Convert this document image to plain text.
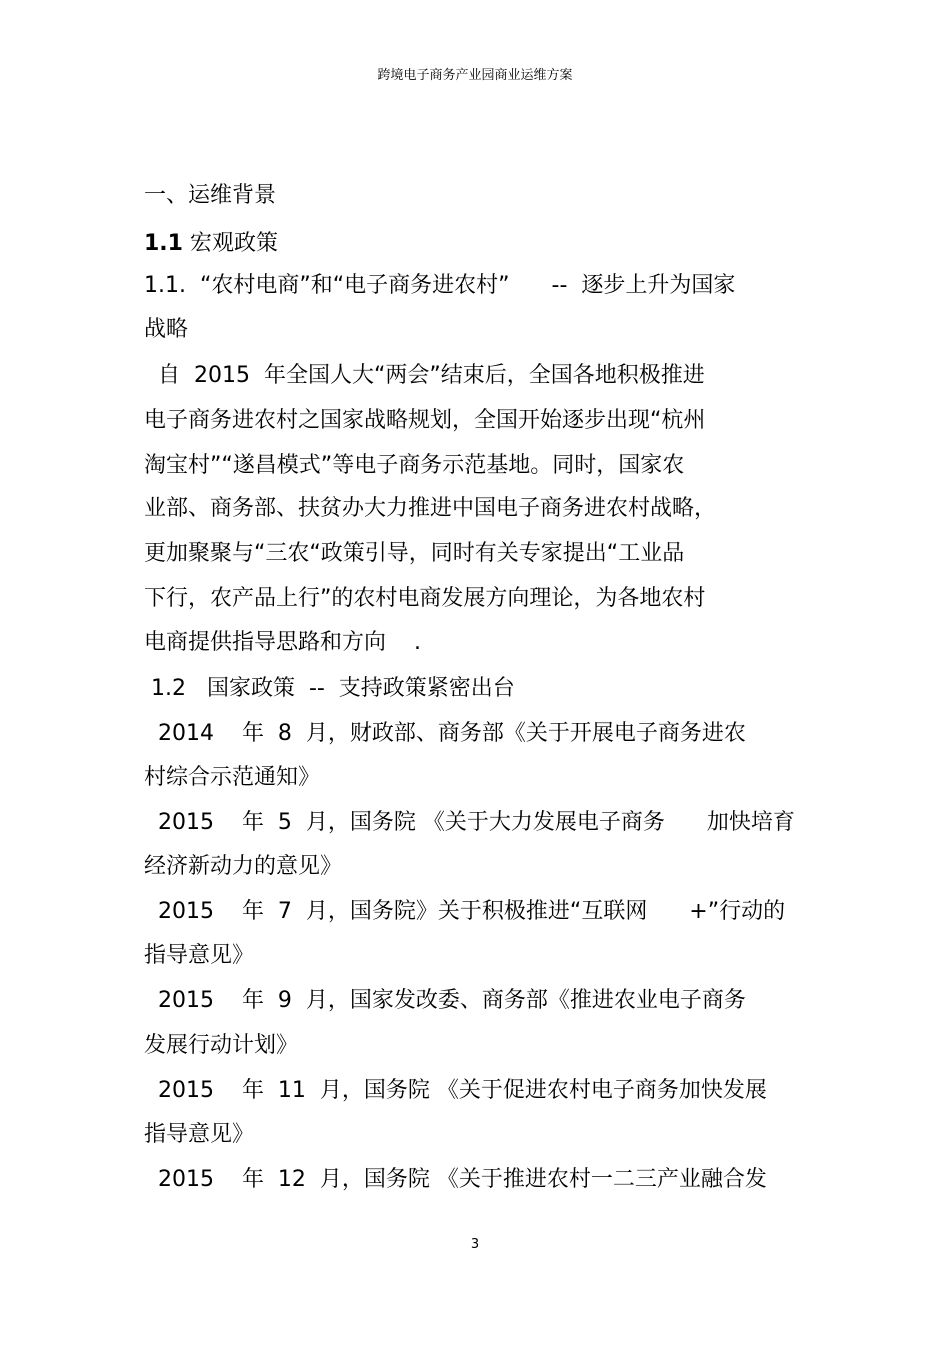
跨境电子商务产业园商业运维方案
一、运维背景
1.1 宏观政策
1.1.  “农村电商”和“电子商务进农村”      --  逐步上升为国家
战略
自  2015  年全国人大“两会”结束后，全国各地积极推进
电子商务进农村之国家战略规划，全国开始逐步出现“杭州
淘宝村”“遂昌模式”等电子商务示范基地。同时，国家农
业部、商务部、扶贫办大力推进中国电子商务进农村战略，
更加聚聚与“三农“政策引导，同时有关专家提出“工业品
下行，农产品上行”的农村电商发展方向理论，为各地农村
电商提供指导思路和方向    .
1.2   国家政策  --  支持政策紧密出台
2014    年  8  月，财政部、商务部《关于开展电子商务进农
村综合示范通知》
2015    年  5  月，国务院 《关于大力发展电子商务      加快培育
经济新动力的意见》
2015    年  7  月，国务院》关于积极推进“互联网      +”行动的
指导意见》
2015    年  9  月，国家发改委、商务部《推进农业电子商务
发展行动计划》
2015    年  11  月，国务院 《关于促进农村电子商务加快发展
指导意见》
2015    年  12  月，国务院 《关于推进农村一二三产业融合发
3
